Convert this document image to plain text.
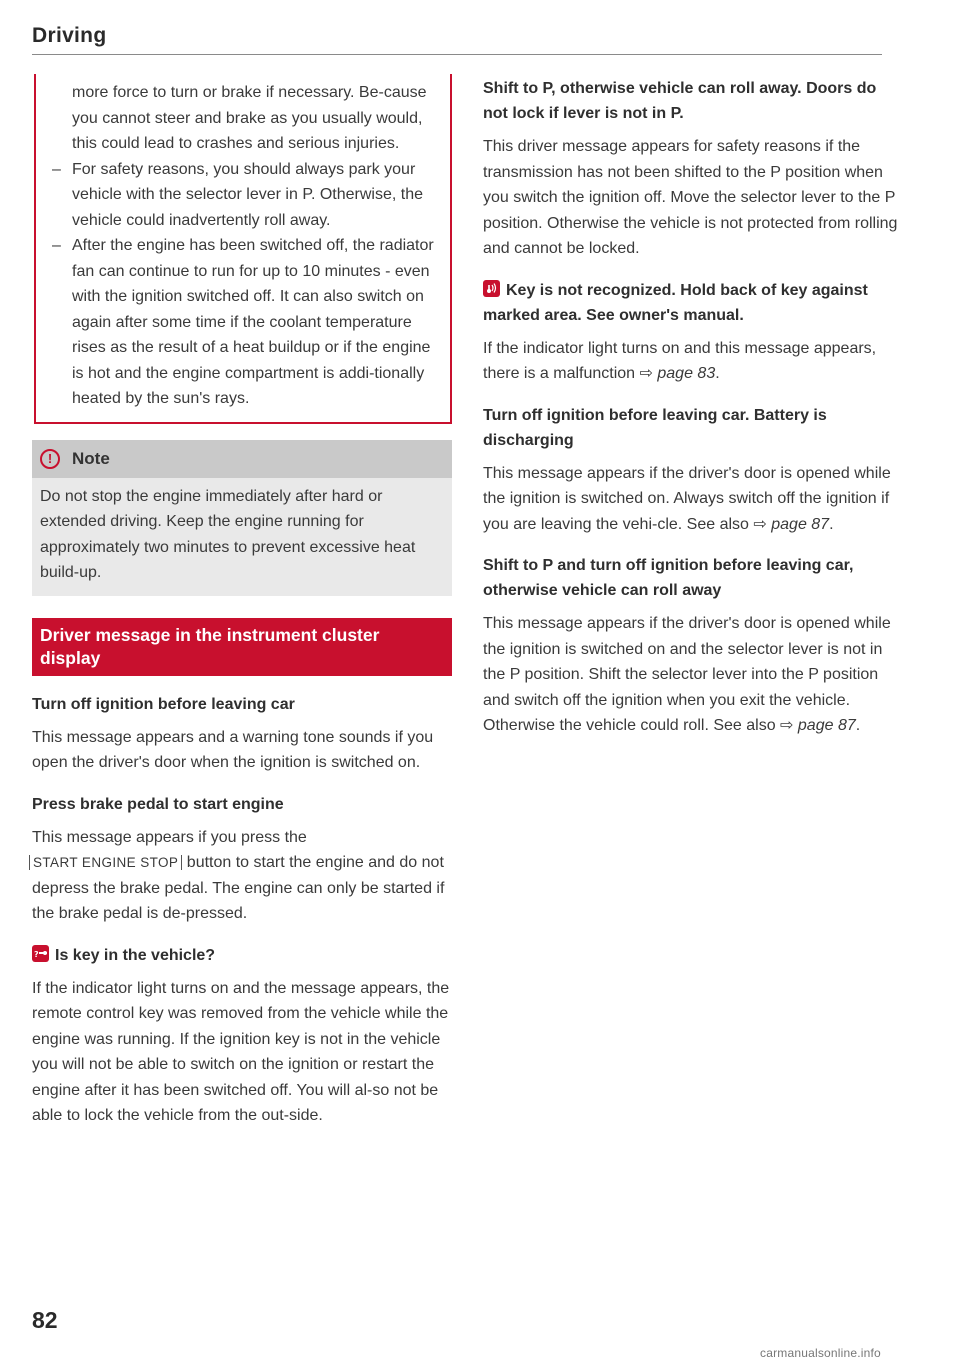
Driving

more force to turn or brake if necessary. Be-cause you cannot steer and brake as you usually would, this could lead to crashes and serious injuries.

– For safety reasons, you should always park your vehicle with the selector lever in P. Otherwise, the vehicle could inadvertently roll away.
– After the engine has been switched off, the radiator fan can continue to run for up to 10 minutes - even with the ignition switched off. It can also switch on again after some time if the coolant temperature rises as the result of a heat buildup or if the engine is hot and the engine compartment is addi-tionally heated by the sun's rays.
!	Note

Do not stop the engine immediately after hard or extended driving. Keep the engine running for approximately two minutes to prevent excessive heat build-up.

Driver message in the instrument cluster display
Turn off ignition before leaving car

This message appears and a warning tone sounds if you open the driver's door when the ignition is switched on.

Press brake pedal to start engine

This message appears if you press the
START ENGINE STOP button to start the engine and do not depress the brake pedal. The engine can only be started if the brake pedal is de-pressed.

? Is key in the vehicle?

If the indicator light turns on and the message appears, the remote control key was removed from the vehicle while the engine was running. If the ignition key is not in the vehicle you will not be able to switch on the ignition or restart the engine after it has been switched off. You will al-so not be able to lock the vehicle from the out-side.

Shift to P, otherwise vehicle can roll away. Doors do not lock if lever is not in P.

This driver message appears for safety reasons if the transmission has not been shifted to the P position when you switch the ignition off. Move the selector lever to the P position. Otherwise the vehicle is not protected from rolling and cannot be locked.

Key is not recognized. Hold back of key against marked area. See owner's manual.

If the indicator light turns on and this message appears, there is a malfunction ⇨ page 83.

Turn off ignition before leaving car. Battery is discharging

This message appears if the driver's door is opened while the ignition is switched on. Always switch off the ignition if you are leaving the vehi-cle. See also ⇨ page 87.

Shift to P and turn off ignition before leaving car, otherwise vehicle can roll away

This message appears if the driver's door is opened while the ignition is switched on and the selector lever is not in the P position. Shift the selector lever into the P position and switch off the ignition when you exit the vehicle. Otherwise the vehicle could roll. See also ⇨ page 87.

82
carmanualsonline.info
